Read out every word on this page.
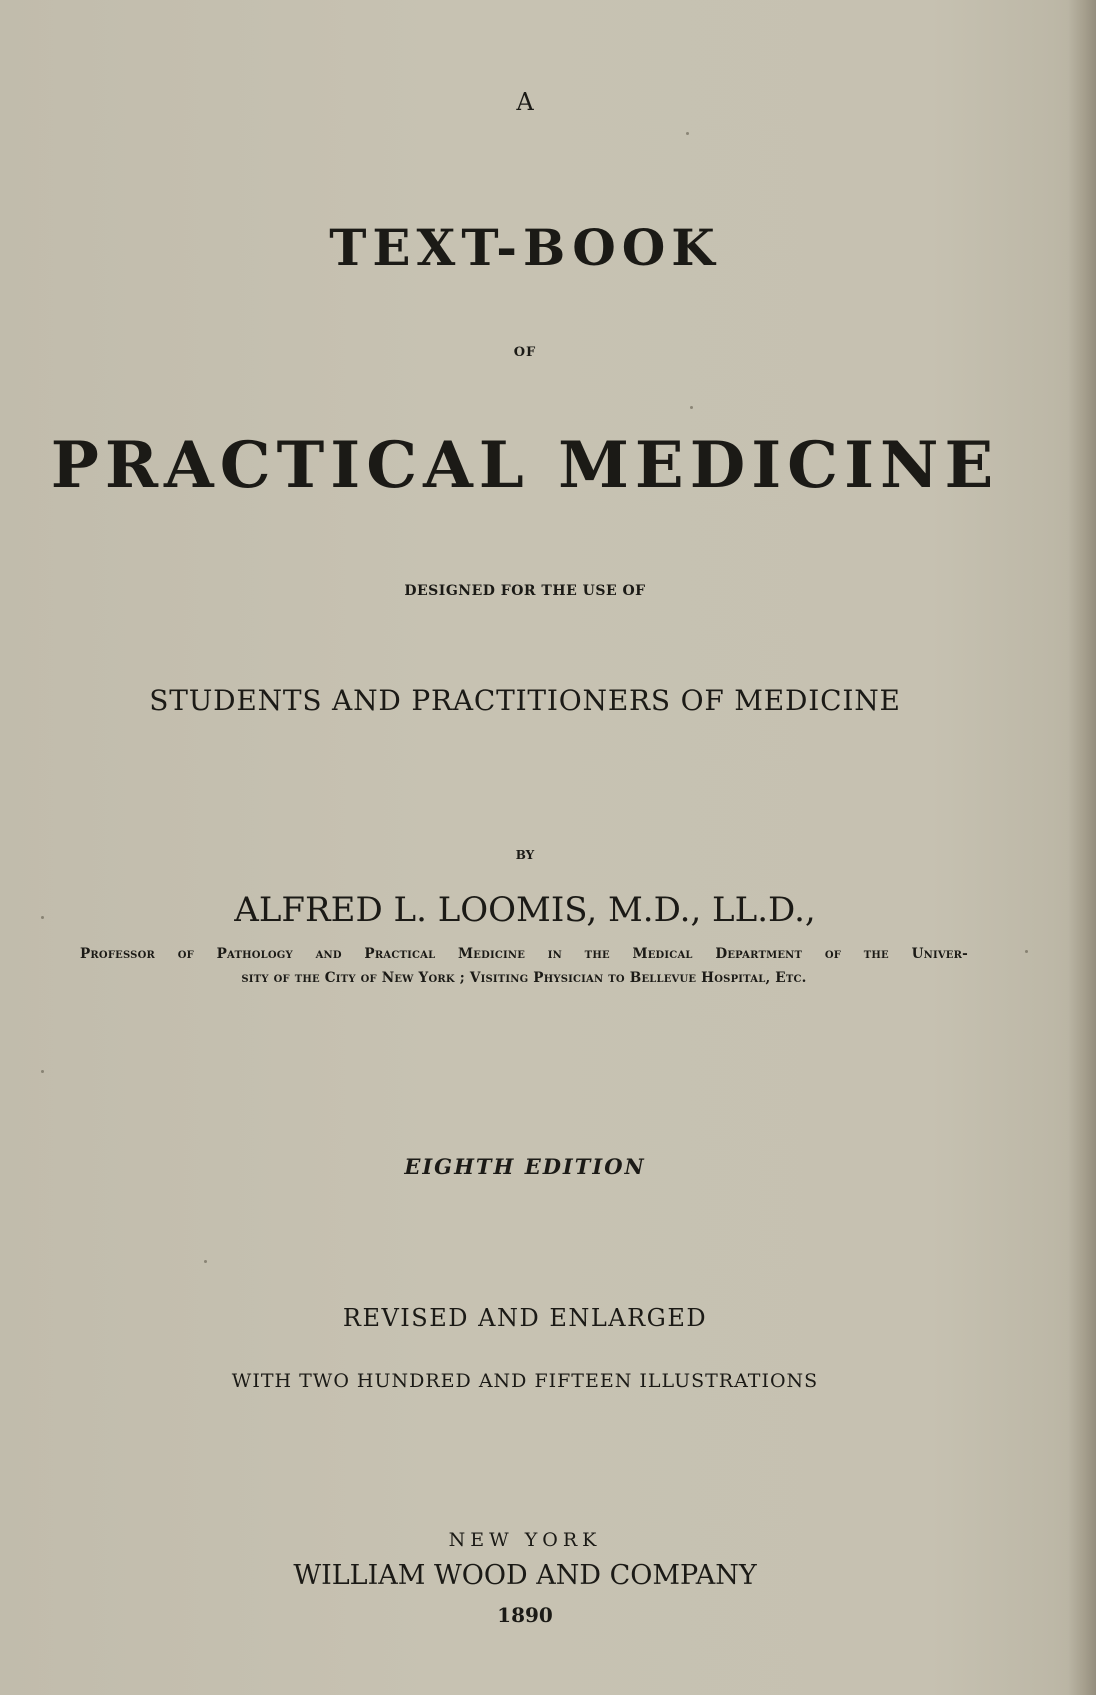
A
TEXT-BOOK
OF
PRACTICAL MEDICINE
DESIGNED FOR THE USE OF
STUDENTS AND PRACTITIONERS OF MEDICINE
BY
ALFRED L. LOOMIS, M.D., LL.D.,
Professor of Pathology and Practical Medicine in the Medical Department of the Univer-
sity of the City of New York ; Visiting Physician to Bellevue Hospital, Etc.
EIGHTH EDITION
REVISED AND ENLARGED
WITH TWO HUNDRED AND FIFTEEN ILLUSTRATIONS
NEW YORK
WILLIAM WOOD AND COMPANY
1890
